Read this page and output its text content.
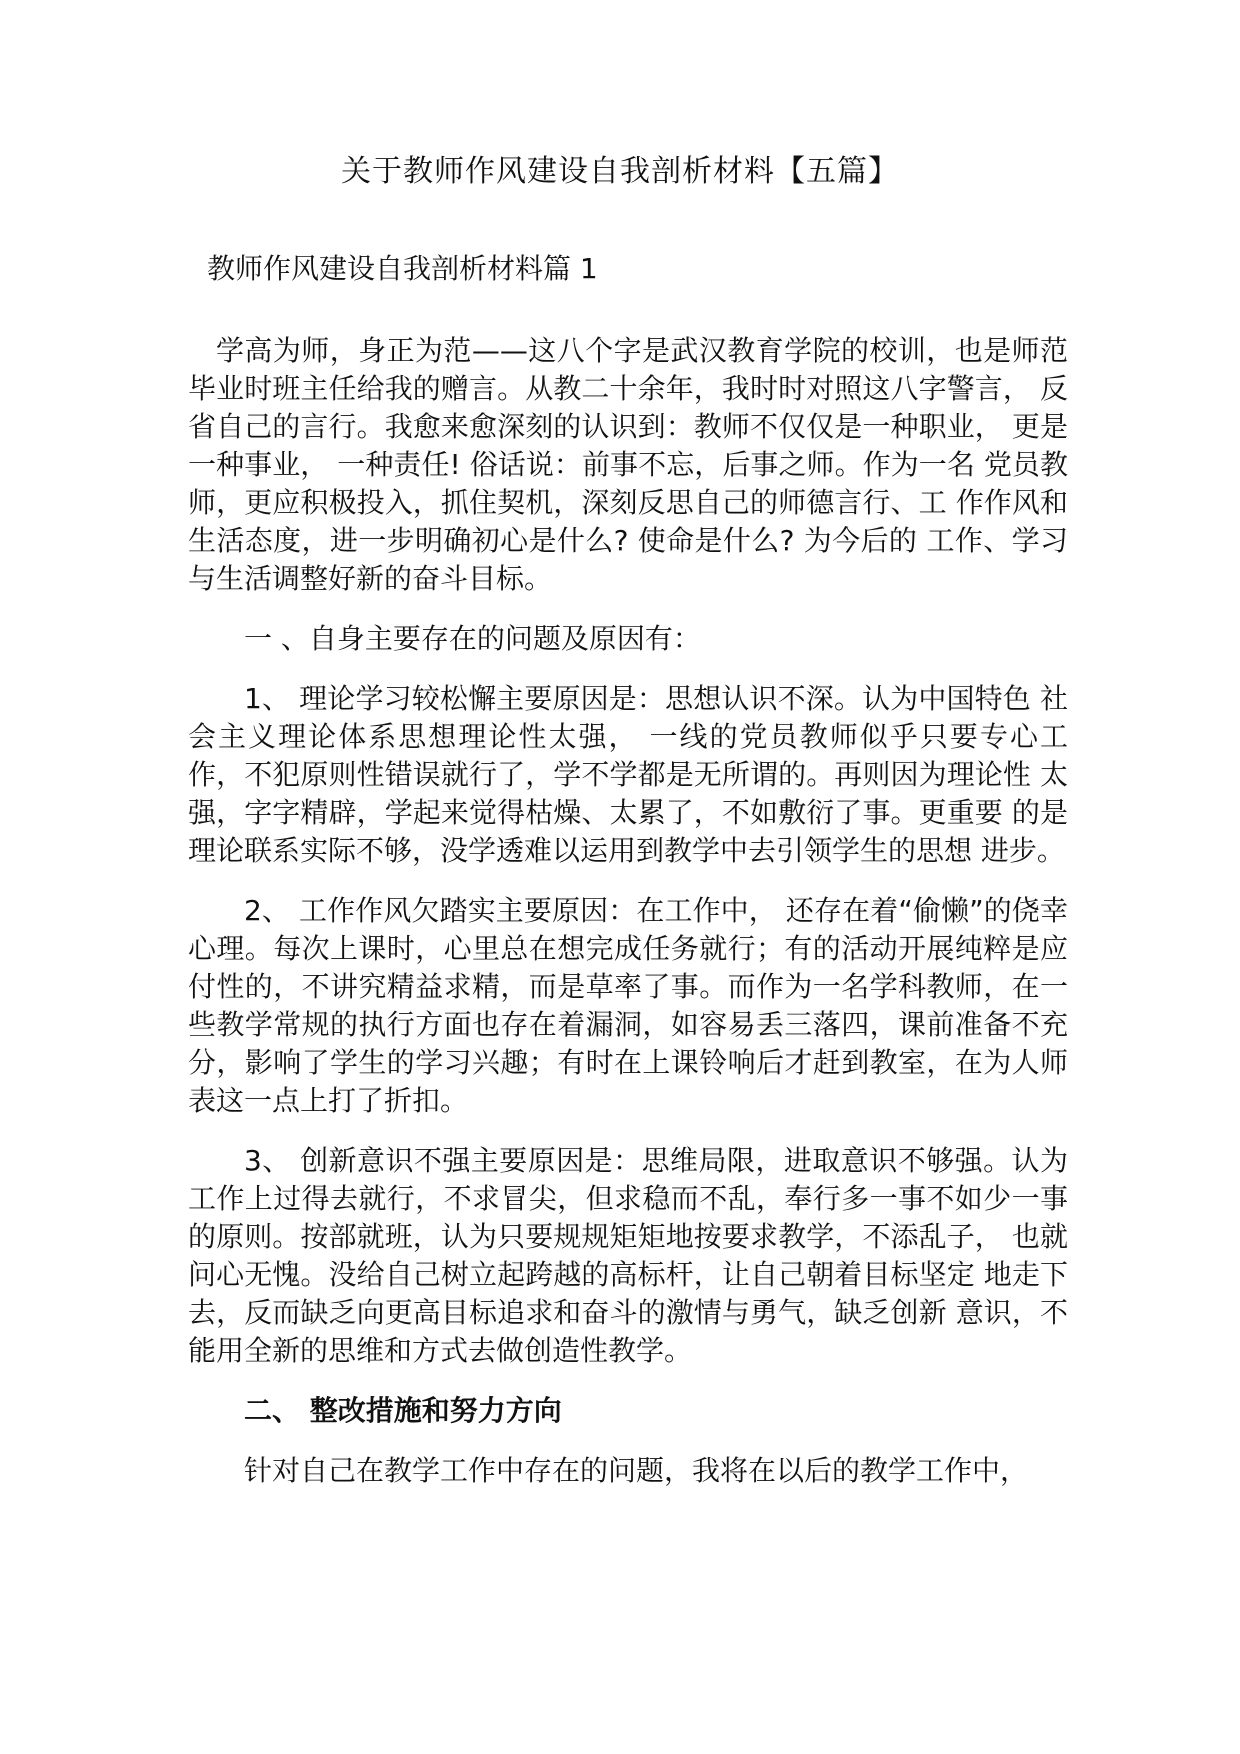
关于教师作风建设自我剖析材料【五篇】
教师作风建设自我剖析材料篇 1

学高为师，身正为范——这八个字是武汉教育学院的校训，也是师范毕业时班主任给我的赠言。从教二十余年，我时时对照这八字警言， 反省自己的言行。我愈来愈深刻的认识到：教师不仅仅是一种职业， 更是一种事业， 一种责任! 俗话说：前事不忘，后事之师。作为一名 党员教师，更应积极投入，抓住契机，深刻反思自己的师德言行、工 作作风和生活态度，进一步明确初心是什么? 使命是什么? 为今后的 工作、学习与生活调整好新的奋斗目标。

一 、自身主要存在的问题及原因有：

1、 理论学习较松懈主要原因是：思想认识不深。认为中国特色 社会主义理论体系思想理论性太强， 一线的党员教师似乎只要专心工 作，不犯原则性错误就行了，学不学都是无所谓的。再则因为理论性 太强，字字精辟，学起来觉得枯燥、太累了，不如敷衍了事。更重要 的是理论联系实际不够，没学透难以运用到教学中去引领学生的思想 进步。

2、 工作作风欠踏实主要原因：在工作中， 还存在着“偷懒”的侥幸心理。每次上课时，心里总在想完成任务就行；有的活动开展纯粹是应付性的，不讲究精益求精，而是草率了事。而作为一名学科教师，在一些教学常规的执行方面也存在着漏洞，如容易丢三落四，课前准备不充分，影响了学生的学习兴趣；有时在上课铃响后才赶到教室，在为人师表这一点上打了折扣。

3、 创新意识不强主要原因是：思维局限，进取意识不够强。认为工作上过得去就行，不求冒尖，但求稳而不乱，奉行多一事不如少一事的原则。按部就班，认为只要规规矩矩地按要求教学，不添乱子， 也就问心无愧。没给自己树立起跨越的高标杆，让自己朝着目标坚定 地走下去，反而缺乏向更高目标追求和奋斗的激情与勇气，缺乏创新 意识，不能用全新的思维和方式去做创造性教学。

二、 整改措施和努力方向

针对自己在教学工作中存在的问题，我将在以后的教学工作中，
